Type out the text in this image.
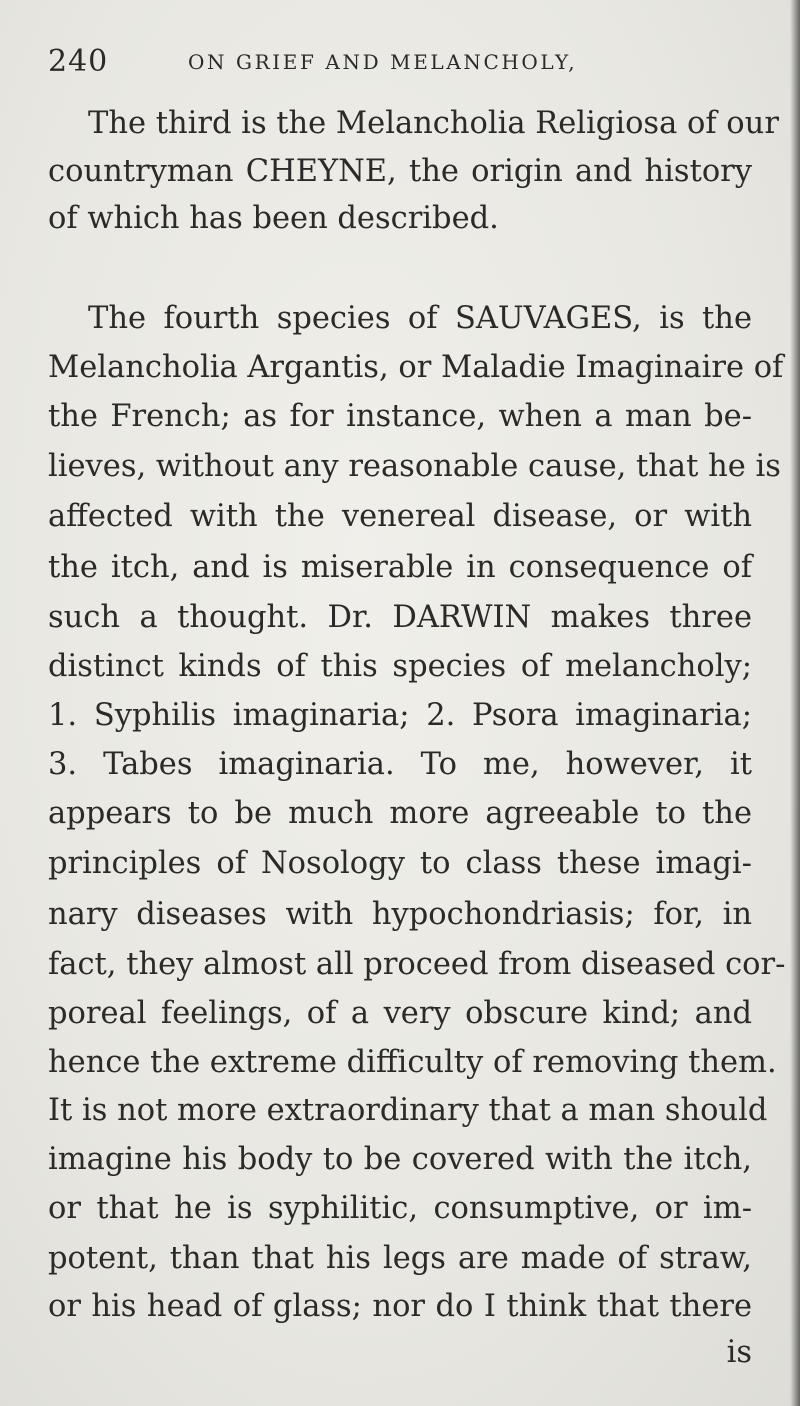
240	ON GRIEF AND MELANCHOLY,
The third is the Melancholia Religiosa of our
countryman CHEYNE, the origin and history
of which has been described.
The fourth species of SAUVAGES, is the
Melancholia Argantis, or Maladie Imaginaire of
the French; as for instance, when a man be-
lieves, without any reasonable cause, that he is
affected with the venereal disease, or with
the itch, and is miserable in consequence of
such a thought. Dr. DARWIN makes three
distinct kinds of this species of melancholy;
1. Syphilis imaginaria; 2. Psora imaginaria;
3. Tabes imaginaria. To me, however, it
appears to be much more agreeable to the
principles of Nosology to class these imagi-
nary diseases with hypochondriasis; for, in
fact, they almost all proceed from diseased cor-
poreal feelings, of a very obscure kind; and
hence the extreme difficulty of removing them.
It is not more extraordinary that a man should
imagine his body to be covered with the itch,
or that he is syphilitic, consumptive, or im-
potent, than that his legs are made of straw,
or his head of glass; nor do I think that there
is
